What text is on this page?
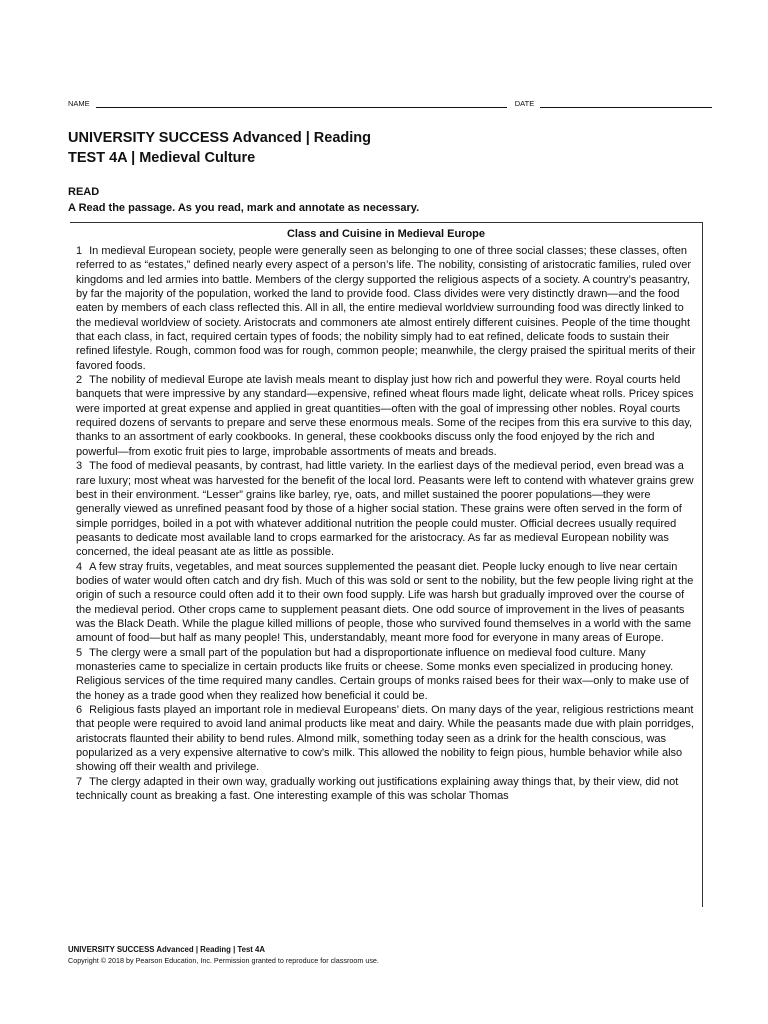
NAME	DATE
UNIVERSITY SUCCESS Advanced | Reading
TEST 4A | Medieval Culture
READ
A Read the passage. As you read, mark and annotate as necessary.
Class and Cuisine in Medieval Europe
1 In medieval European society, people were generally seen as belonging to one of three social classes; these classes, often referred to as “estates,” defined nearly every aspect of a person’s life. The nobility, consisting of aristocratic families, ruled over kingdoms and led armies into battle. Members of the clergy supported the religious aspects of a society. A country’s peasantry, by far the majority of the population, worked the land to provide food. Class divides were very distinctly drawn—and the food eaten by members of each class reflected this. All in all, the entire medieval worldview surrounding food was directly linked to the medieval worldview of society. Aristocrats and commoners ate almost entirely different cuisines. People of the time thought that each class, in fact, required certain types of foods; the nobility simply had to eat refined, delicate foods to sustain their refined lifestyle. Rough, common food was for rough, common people; meanwhile, the clergy praised the spiritual merits of their favored foods.
2 The nobility of medieval Europe ate lavish meals meant to display just how rich and powerful they were. Royal courts held banquets that were impressive by any standard—expensive, refined wheat flours made light, delicate wheat rolls. Pricey spices were imported at great expense and applied in great quantities—often with the goal of impressing other nobles. Royal courts required dozens of servants to prepare and serve these enormous meals. Some of the recipes from this era survive to this day, thanks to an assortment of early cookbooks. In general, these cookbooks discuss only the food enjoyed by the rich and powerful—from exotic fruit pies to large, improbable assortments of meats and breads.
3 The food of medieval peasants, by contrast, had little variety. In the earliest days of the medieval period, even bread was a rare luxury; most wheat was harvested for the benefit of the local lord. Peasants were left to contend with whatever grains grew best in their environment. “Lesser” grains like barley, rye, oats, and millet sustained the poorer populations—they were generally viewed as unrefined peasant food by those of a higher social station. These grains were often served in the form of simple porridges, boiled in a pot with whatever additional nutrition the people could muster. Official decrees usually required peasants to dedicate most available land to crops earmarked for the aristocracy. As far as medieval European nobility was concerned, the ideal peasant ate as little as possible.
4 A few stray fruits, vegetables, and meat sources supplemented the peasant diet. People lucky enough to live near certain bodies of water would often catch and dry fish. Much of this was sold or sent to the nobility, but the few people living right at the origin of such a resource could often add it to their own food supply. Life was harsh but gradually improved over the course of the medieval period. Other crops came to supplement peasant diets. One odd source of improvement in the lives of peasants was the Black Death. While the plague killed millions of people, those who survived found themselves in a world with the same amount of food—but half as many people! This, understandably, meant more food for everyone in many areas of Europe.
5 The clergy were a small part of the population but had a disproportionate influence on medieval food culture. Many monasteries came to specialize in certain products like fruits or cheese. Some monks even specialized in producing honey. Religious services of the time required many candles. Certain groups of monks raised bees for their wax—only to make use of the honey as a trade good when they realized how beneficial it could be.
6 Religious fasts played an important role in medieval Europeans’ diets. On many days of the year, religious restrictions meant that people were required to avoid land animal products like meat and dairy. While the peasants made due with plain porridges, aristocrats flaunted their ability to bend rules. Almond milk, something today seen as a drink for the health conscious, was popularized as a very expensive alternative to cow’s milk. This allowed the nobility to feign pious, humble behavior while also showing off their wealth and privilege.
7 The clergy adapted in their own way, gradually working out justifications explaining away things that, by their view, did not technically count as breaking a fast. One interesting example of this was scholar Thomas
UNIVERSITY SUCCESS Advanced | Reading | Test 4A
Copyright © 2018 by Pearson Education, Inc. Permission granted to reproduce for classroom use.
